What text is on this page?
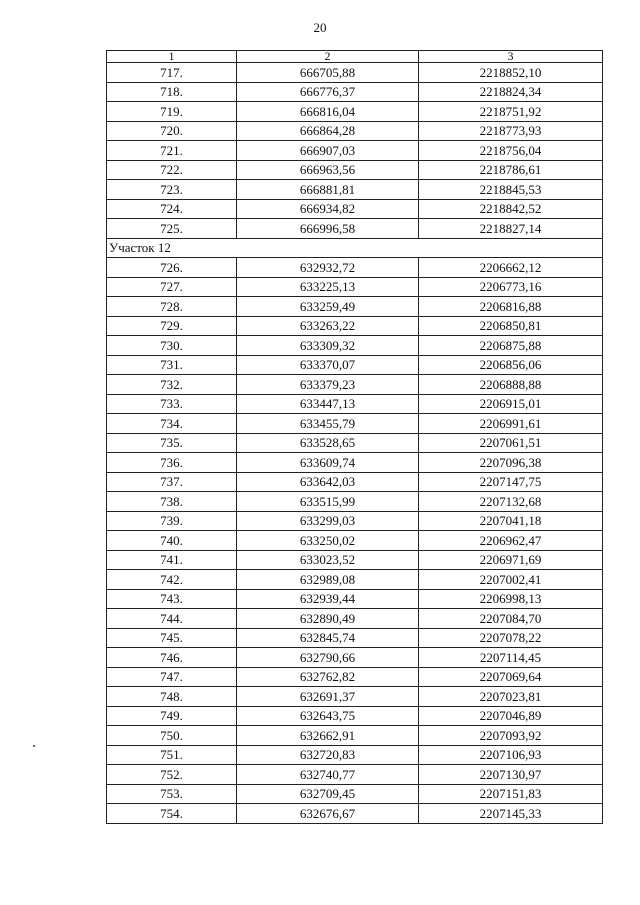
20
1	2	3
717.	666705,88	2218852,10
718.	666776,37	2218824,34
719.	666816,04	2218751,92
720.	666864,28	2218773,93
721.	666907,03	2218756,04
722.	666963,56	2218786,61
723.	666881,81	2218845,53
724.	666934,82	2218842,52
725.	666996,58	2218827,14
Участок 12		
726.	632932,72	2206662,12
727.	633225,13	2206773,16
728.	633259,49	2206816,88
729.	633263,22	2206850,81
730.	633309,32	2206875,88
731.	633370,07	2206856,06
732.	633379,23	2206888,88
733.	633447,13	2206915,01
734.	633455,79	2206991,61
735.	633528,65	2207061,51
736.	633609,74	2207096,38
737.	633642,03	2207147,75
738.	633515,99	2207132,68
739.	633299,03	2207041,18
740.	633250,02	2206962,47
741.	633023,52	2206971,69
742.	632989,08	2207002,41
743.	632939,44	2206998,13
744.	632890,49	2207084,70
745.	632845,74	2207078,22
746.	632790,66	2207114,45
747.	632762,82	2207069,64
748.	632691,37	2207023,81
749.	632643,75	2207046,89
750.	632662,91	2207093,92
751.	632720,83	2207106,93
752.	632740,77	2207130,97
753.	632709,45	2207151,83
754.	632676,67	2207145,33
